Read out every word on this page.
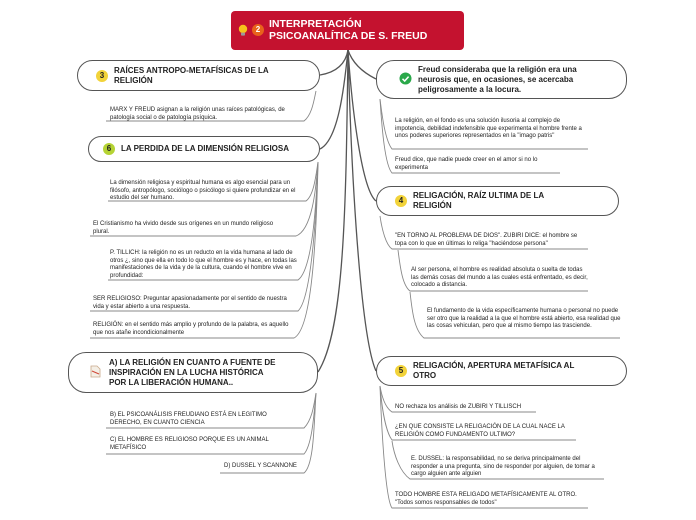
2 INTERPRETACIÓN
PSICOANALÍTICA DE S. FREUD
3
RAÍCES ANTROPO-METAFÍSICAS DE LA
RELIGIÓN
MARX Y FREUD asignan a la religión unas raíces patológicas, de patología social o de patología psíquica.
6	LA PERDIDA DE LA DIMENSIÓN RELIGIOSA
La dimensión religiosa y espiritual humana es algo esencial para un filósofo, antropólogo, sociólogo o psicólogo si quiere profundizar en el estudio del ser humano.
El Cristianismo ha vivido desde sus orígenes en un mundo religioso plural.
P. TILLICH: la religión no es un reducto en la vida humana al lado de otros ¿, sino que ella en todo lo que el hombre es y hace, en todas las manifestaciones de la vida y de la cultura, cuando el hombre vive en profundidad:
SER RELIGIOSO: Preguntar apasionadamente por el sentido de nuestra vida y estar abierto a una respuesta.
RELIGIÓN: en el sentido más amplio y profundo de la palabra, es aquello que nos atañe incondicionalmente
A) LA RELIGIÓN EN CUANTO A FUENTE DE
INSPIRACIÓN EN LA LUCHA HISTÓRICA
POR LA LIBERACIÓN HUMANA..
B) EL PSICOANÁLISIS FREUDIANO ESTÁ EN LEGITIMO DERECHO, EN CUANTO CIENCIA
C) EL HOMBRE ES RELIGIOSO PORQUE ES UN ANIMAL METAFÍSICO
D) DUSSEL Y SCANNONE
Freud consideraba que la religión era una
neurosis que, en ocasiones, se acercaba
peligrosamente a la locura.
La religión, en el fondo es una solución ilusoria al complejo de impotencia, debilidad indefensible que experimenta el hombre frente a unos poderes superiores representados en la "imago patris"
Freud dice, que nadie puede creer en el amor si no lo experimenta
4
RELIGACIÓN, RAÍZ ULTIMA DE LA
RELIGIÓN
"EN TORNO AL PROBLEMA DE DIOS". ZUBIRI DICE: el hombre se topa con lo que en últimas lo religa "haciéndose persona"
Al ser persona, el hombre es realidad absoluta o suelta de todas las demás cosas del mundo a las cuales está enfrentado, es decir, colocado a distancia.
El fundamento de la vida específicamente humana o personal no puede ser otro que la realidad a la que el hombre está abierto, esa realidad que las cosas vehiculan, pero que al mismo tiempo las trasciende.
5
RELIGACIÓN, APERTURA METAFÍSICA AL
OTRO
NO rechaza los análisis de ZUBIRI Y TILLISCH
¿EN QUE CONSISTE LA RELIGACIÓN DE LA CUAL NACE LA RELIGIÓN COMO FUNDAMENTO ULTIMO?
E. DUSSEL: la responsabilidad, no se deriva principalmente del responder a una pregunta, sino de responder por alguien, de tomar a cargo alguien ante alguien
TODO HOMBRE ESTA RELIGADO METAFÍSICAMENTE AL OTRO. "Todos somos responsables de todos"
